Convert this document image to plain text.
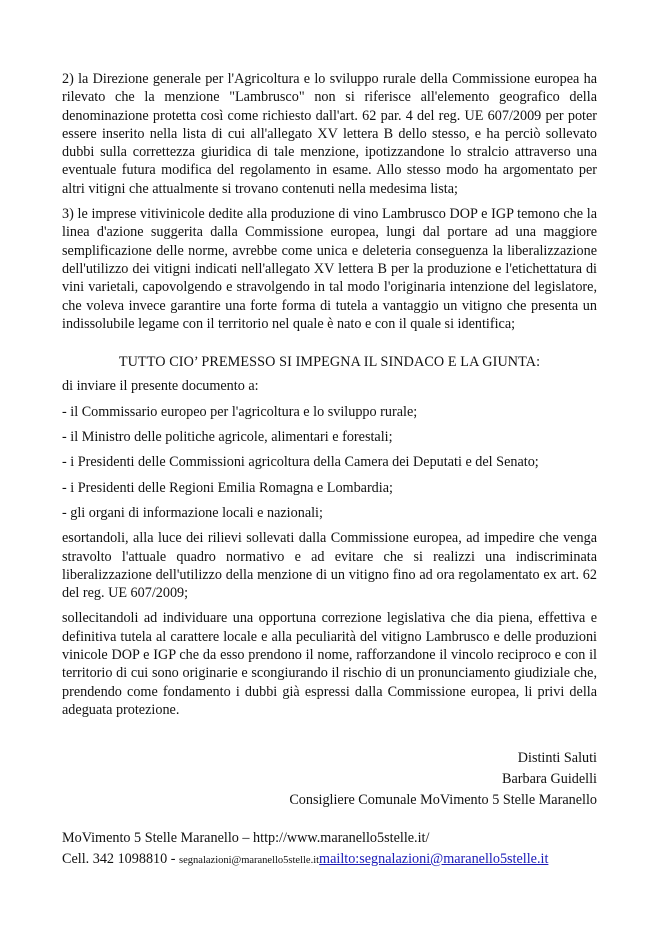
2) la Direzione generale per l'Agricoltura e lo sviluppo rurale della Commissione europea ha rilevato che la menzione "Lambrusco" non si riferisce all'elemento geografico della denominazione protetta così come richiesto dall'art. 62 par. 4 del reg. UE 607/2009 per poter essere inserito nella lista di cui all'allegato XV lettera B dello stesso, e ha perciò sollevato dubbi sulla correttezza giuridica di tale menzione, ipotizzandone lo stralcio attraverso una eventuale futura modifica del regolamento in esame. Allo stesso modo ha argomentato per altri vitigni che attualmente si trovano contenuti nella medesima lista;

3) le imprese vitivinicole dedite alla produzione di vino Lambrusco DOP e IGP temono che la linea d'azione suggerita dalla Commissione europea, lungi dal portare ad una maggiore semplificazione delle norme, avrebbe come unica e deleteria conseguenza la liberalizzazione dell'utilizzo dei vitigni indicati nell'allegato XV lettera B per la produzione e l'etichettatura di vini varietali, capovolgendo e stravolgendo in tal modo l'originaria intenzione del legislatore, che voleva invece garantire una forte forma di tutela a vantaggio un vitigno che presenta un indissolubile legame con il territorio nel quale è nato e con il quale si identifica;

TUTTO CIO’ PREMESSO SI IMPEGNA IL SINDACO E LA GIUNTA:

di inviare il presente documento a:

- il Commissario europeo per l'agricoltura e lo sviluppo rurale;

- il Ministro delle politiche agricole, alimentari e forestali;

- i Presidenti delle Commissioni agricoltura della Camera dei Deputati e del Senato;

- i Presidenti delle Regioni Emilia Romagna e Lombardia;

- gli organi di informazione locali e nazionali;

esortandoli, alla luce dei rilievi sollevati dalla Commissione europea, ad impedire che venga stravolto l'attuale quadro normativo e ad evitare che si realizzi una indiscriminata liberalizzazione dell'utilizzo della menzione di un vitigno fino ad ora regolamentato ex art. 62 del reg. UE 607/2009;

sollecitandoli ad individuare una opportuna correzione legislativa che dia piena, effettiva e definitiva tutela al carattere locale e alla peculiarità del vitigno Lambrusco e delle produzioni vinicole DOP e IGP che da esso prendono il nome, rafforzandone il vincolo reciproco e con il territorio di cui sono originarie e scongiurando il rischio di un pronunciamento giudiziale che, prendendo come fondamento i dubbi già espressi dalla Commissione europea, li privi della adeguata protezione.

Distinti Saluti
Barbara Guidelli
Consigliere Comunale MoVimento 5 Stelle Maranello
MoVimento 5 Stelle Maranello – http://www.maranello5stelle.it/
Cell. 342 1098810 - segnalazioni@maranello5stelle.itmailto:segnalazioni@maranello5stelle.it
